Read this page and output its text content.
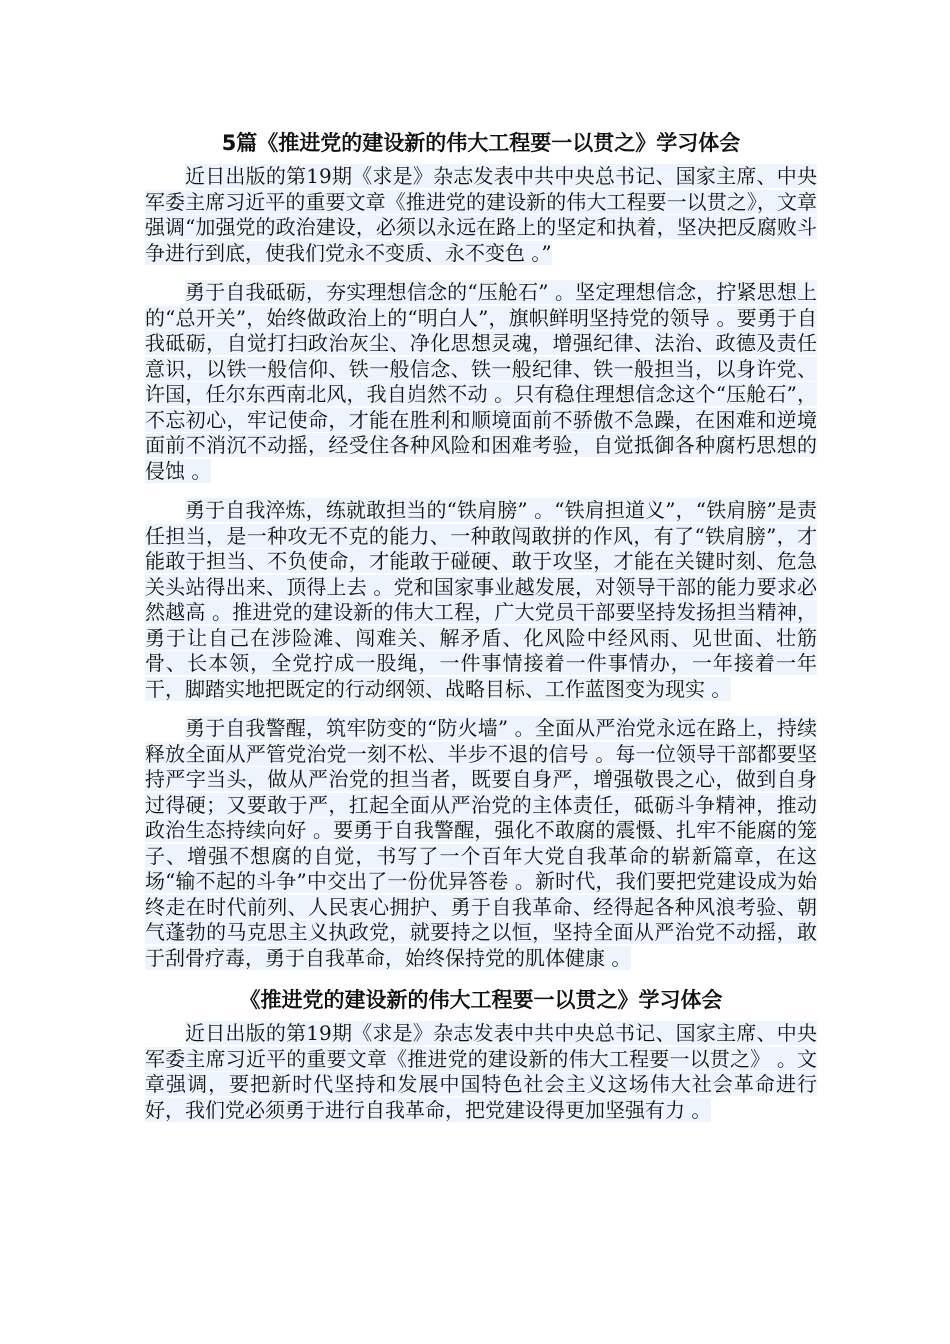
5篇《推进党的建设新的伟大工程要一以贯之》学习体会

近日出版的第19期《求是》杂志发表中共中央总书记、国家主席、中央军委主席习近平的重要文章《推进党的建设新的伟大工程要一以贯之》，文章强调“加强党的政治建设，必须以永远在路上的坚定和执着，坚决把反腐败斗争进行到底，使我们党永不变质、永不变色 。”

勇于自我砥砺，夯实理想信念的“压舱石” 。坚定理想信念，拧紧思想上的“总开关”，始终做政治上的“明白人”，旗帜鲜明坚持党的领导 。要勇于自我砥砺，自觉打扫政治灰尘、净化思想灵魂，增强纪律、法治、政德及责任意识，以铁一般信仰、铁一般信念、铁一般纪律、铁一般担当，以身许党、许国，任尔东西南北风，我自岿然不动 。只有稳住理想信念这个“压舱石”，不忘初心，牢记使命，才能在胜利和顺境面前不骄傲不急躁，在困难和逆境面前不消沉不动摇，经受住各种风险和困难考验，自觉抵御各种腐朽思想的侵蚀 。

勇于自我淬炼，练就敢担当的“铁肩膀” 。“铁肩担道义”，“铁肩膀”是责任担当，是一种攻无不克的能力、一种敢闯敢拼的作风，有了“铁肩膀”，才能敢于担当、不负使命，才能敢于碰硬、敢于攻坚，才能在关键时刻、危急关头站得出来、顶得上去 。党和国家事业越发展，对领导干部的能力要求必然越高 。推进党的建设新的伟大工程，广大党员干部要坚持发扬担当精神，勇于让自己在涉险滩、闯难关、解矛盾、化风险中经风雨、见世面、壮筋骨、长本领，全党拧成一股绳，一件事情接着一件事情办，一年接着一年干，脚踏实地把既定的行动纲领、战略目标、工作蓝图变为现实 。

勇于自我警醒，筑牢防变的“防火墙” 。全面从严治党永远在路上，持续释放全面从严管党治党一刻不松、半步不退的信号 。每一位领导干部都要坚持严字当头，做从严治党的担当者，既要自身严，增强敬畏之心，做到自身过得硬；又要敢于严，扛起全面从严治党的主体责任，砥砺斗争精神，推动政治生态持续向好 。要勇于自我警醒，强化不敢腐的震慑、扎牢不能腐的笼子、增强不想腐的自觉，书写了一个百年大党自我革命的崭新篇章，在这场“输不起的斗争”中交出了一份优异答卷 。新时代，我们要把党建设成为始终走在时代前列、人民衷心拥护、勇于自我革命、经得起各种风浪考验、朝气蓬勃的马克思主义执政党，就要持之以恒，坚持全面从严治党不动摇，敢于刮骨疗毒，勇于自我革命，始终保持党的肌体健康 。

《推进党的建设新的伟大工程要一以贯之》学习体会

近日出版的第19期《求是》杂志发表中共中央总书记、国家主席、中央军委主席习近平的重要文章《推进党的建设新的伟大工程要一以贯之》 。文章强调，要把新时代坚持和发展中国特色社会主义这场伟大社会革命进行好，我们党必须勇于进行自我革命，把党建设得更加坚强有力 。
